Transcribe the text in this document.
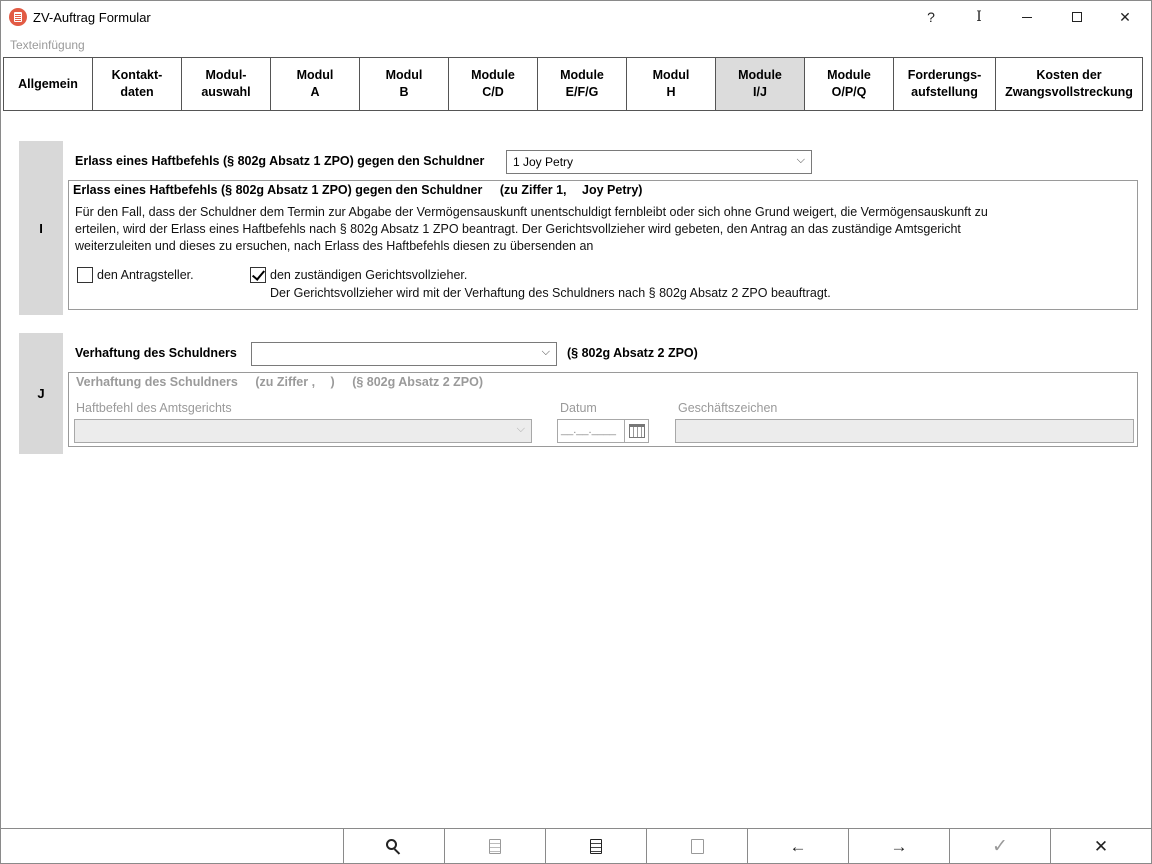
ZV-Auftrag Formular	?	I	✕
Texteinfügung
Allgemein
Kontakt-
daten
Modul-
auswahl
Modul
A
Modul
B
Module
C/D
Module
E/F/G
Modul
H
Module
I/J
Module
O/P/Q
Forderungs-
aufstellung
Kosten der
Zwangsvollstreckung
I
Erlass eines Haftbefehls (§ 802g Absatz 1 ZPO) gegen den Schuldner	1 Joy Petry	⌵
Erlass eines Haftbefehls (§ 802g Absatz 1 ZPO) gegen den Schuldner (zu Ziffer 1, Joy Petry)
Für den Fall, dass der Schuldner dem Termin zur Abgabe der Vermögensauskunft unentschuldigt fernbleibt oder sich ohne Grund weigert, die Vermögensauskunft zu
erteilen, wird der Erlass eines Haftbefehls nach § 802g Absatz 1 ZPO beantragt. Der Gerichtsvollzieher wird gebeten, den Antrag an das zuständige Amtsgericht
weiterzuleiten und dieses zu ersuchen, nach Erlass des Haftbefehls diesen zu übersenden an
den Antragsteller.	den zuständigen Gerichtsvollzieher.
Der Gerichtsvollzieher wird mit der Verhaftung des Schuldners nach § 802g Absatz 2 ZPO beauftragt.
J
Verhaftung des Schuldners	⌵ (§ 802g Absatz 2 ZPO)
Verhaftung des Schuldners (zu Ziffer , ) (§ 802g Absatz 2 ZPO)
Haftbefehl des Amtsgerichts	Datum	Geschäftszeichen
⌵	__.__.____
←	→	✓	✕
